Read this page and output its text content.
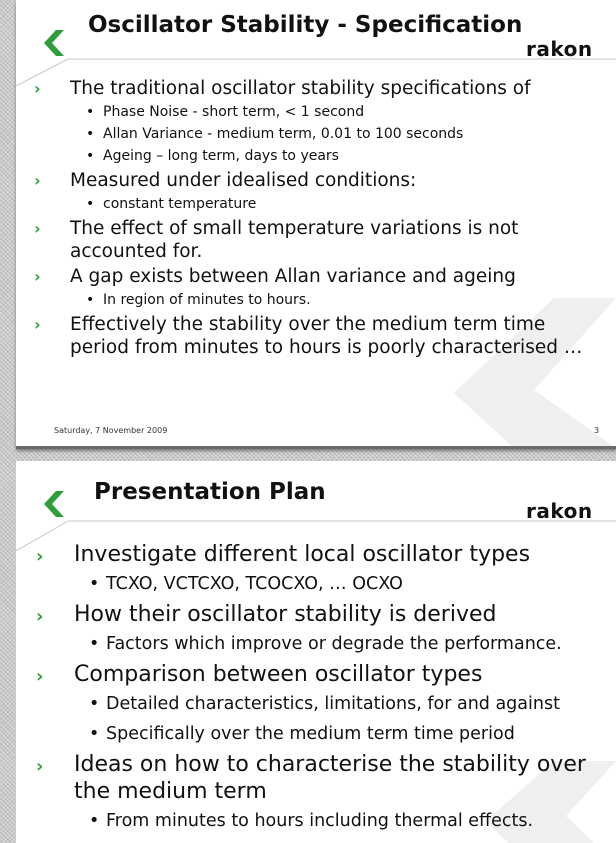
Oscillator Stability - Specification
rakon
› The traditional oscillator stability specifications of
• Phase Noise - short term, < 1 second
• Allan Variance - medium term, 0.01 to 100 seconds
• Ageing – long term, days to years
› Measured under idealised conditions:
• constant temperature
› The effect of small temperature variations is not accounted for.
› A gap exists between Allan variance and ageing
• In region of minutes to hours.
› Effectively the stability over the medium term time period from minutes to hours is poorly characterised …
Saturday, 7 November 2009	3
Presentation Plan
rakon
› Investigate different local oscillator types
• TCXO, VCTCXO, TCOCXO, … OCXO
› How their oscillator stability is derived
• Factors which improve or degrade the performance.
› Comparison between oscillator types
• Detailed characteristics, limitations, for and against
• Specifically over the medium term time period
› Ideas on how to characterise the stability over the medium term
• From minutes to hours including thermal effects.
